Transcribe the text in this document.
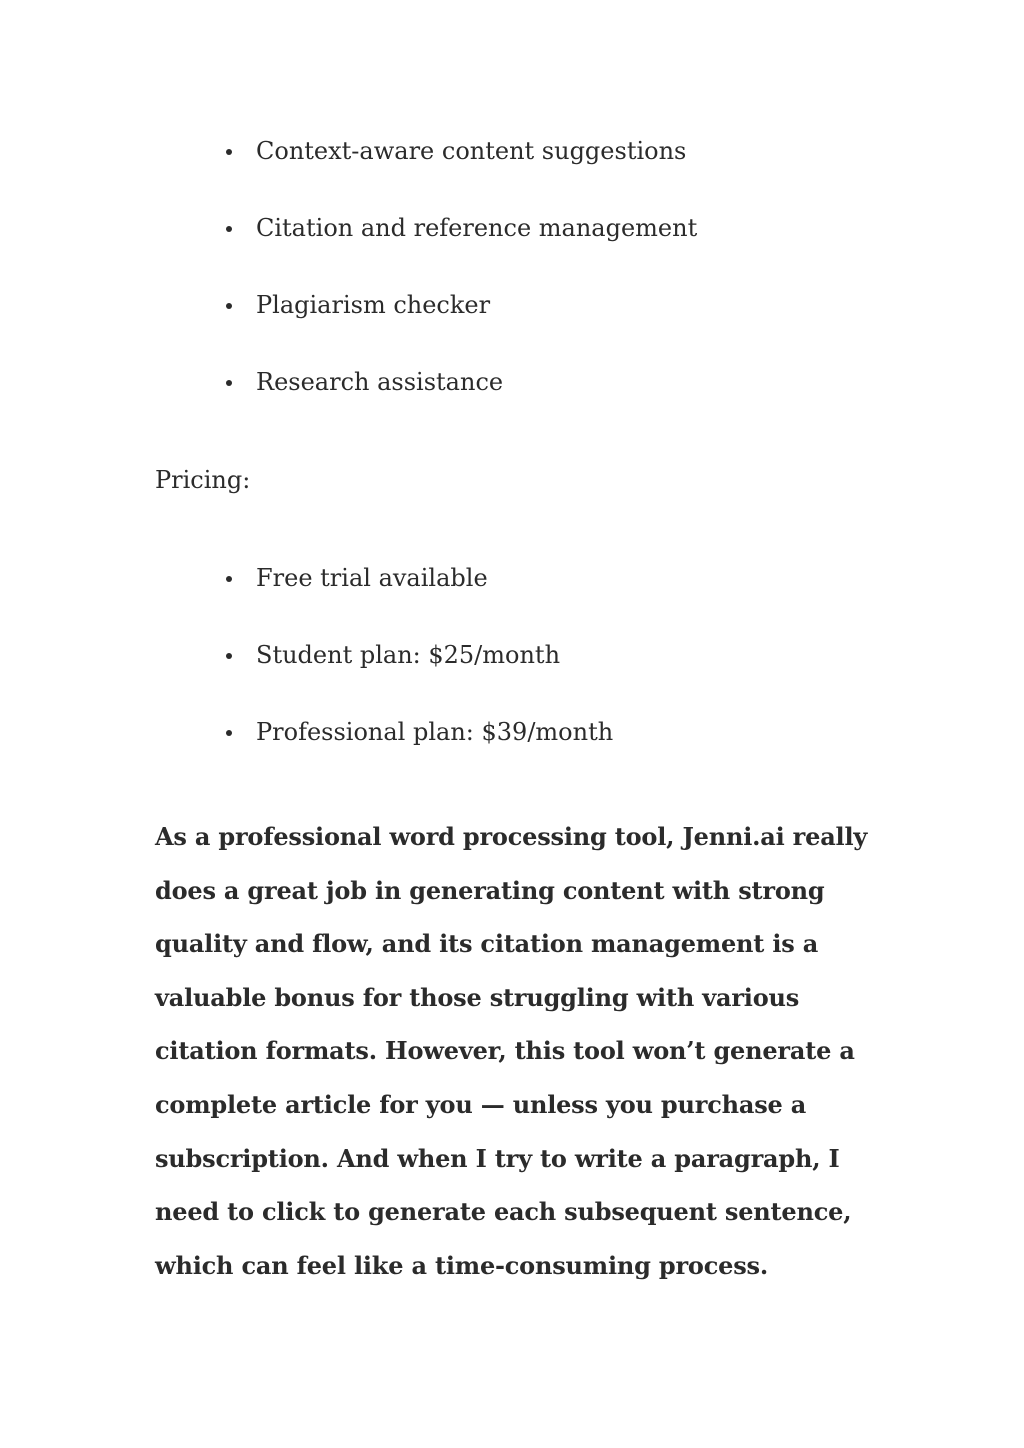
Context-aware content suggestions
Citation and reference management
Plagiarism checker
Research assistance

Pricing:

Free trial available
Student plan: $25/month
Professional plan: $39/month

As a professional word processing tool, Jenni.ai really does a great job in generating content with strong quality and flow, and its citation management is a valuable bonus for those struggling with various citation formats. However, this tool won’t generate a complete article for you — unless you purchase a subscription. And when I try to write a paragraph, I need to click to generate each subsequent sentence, which can feel like a time-consuming process.
